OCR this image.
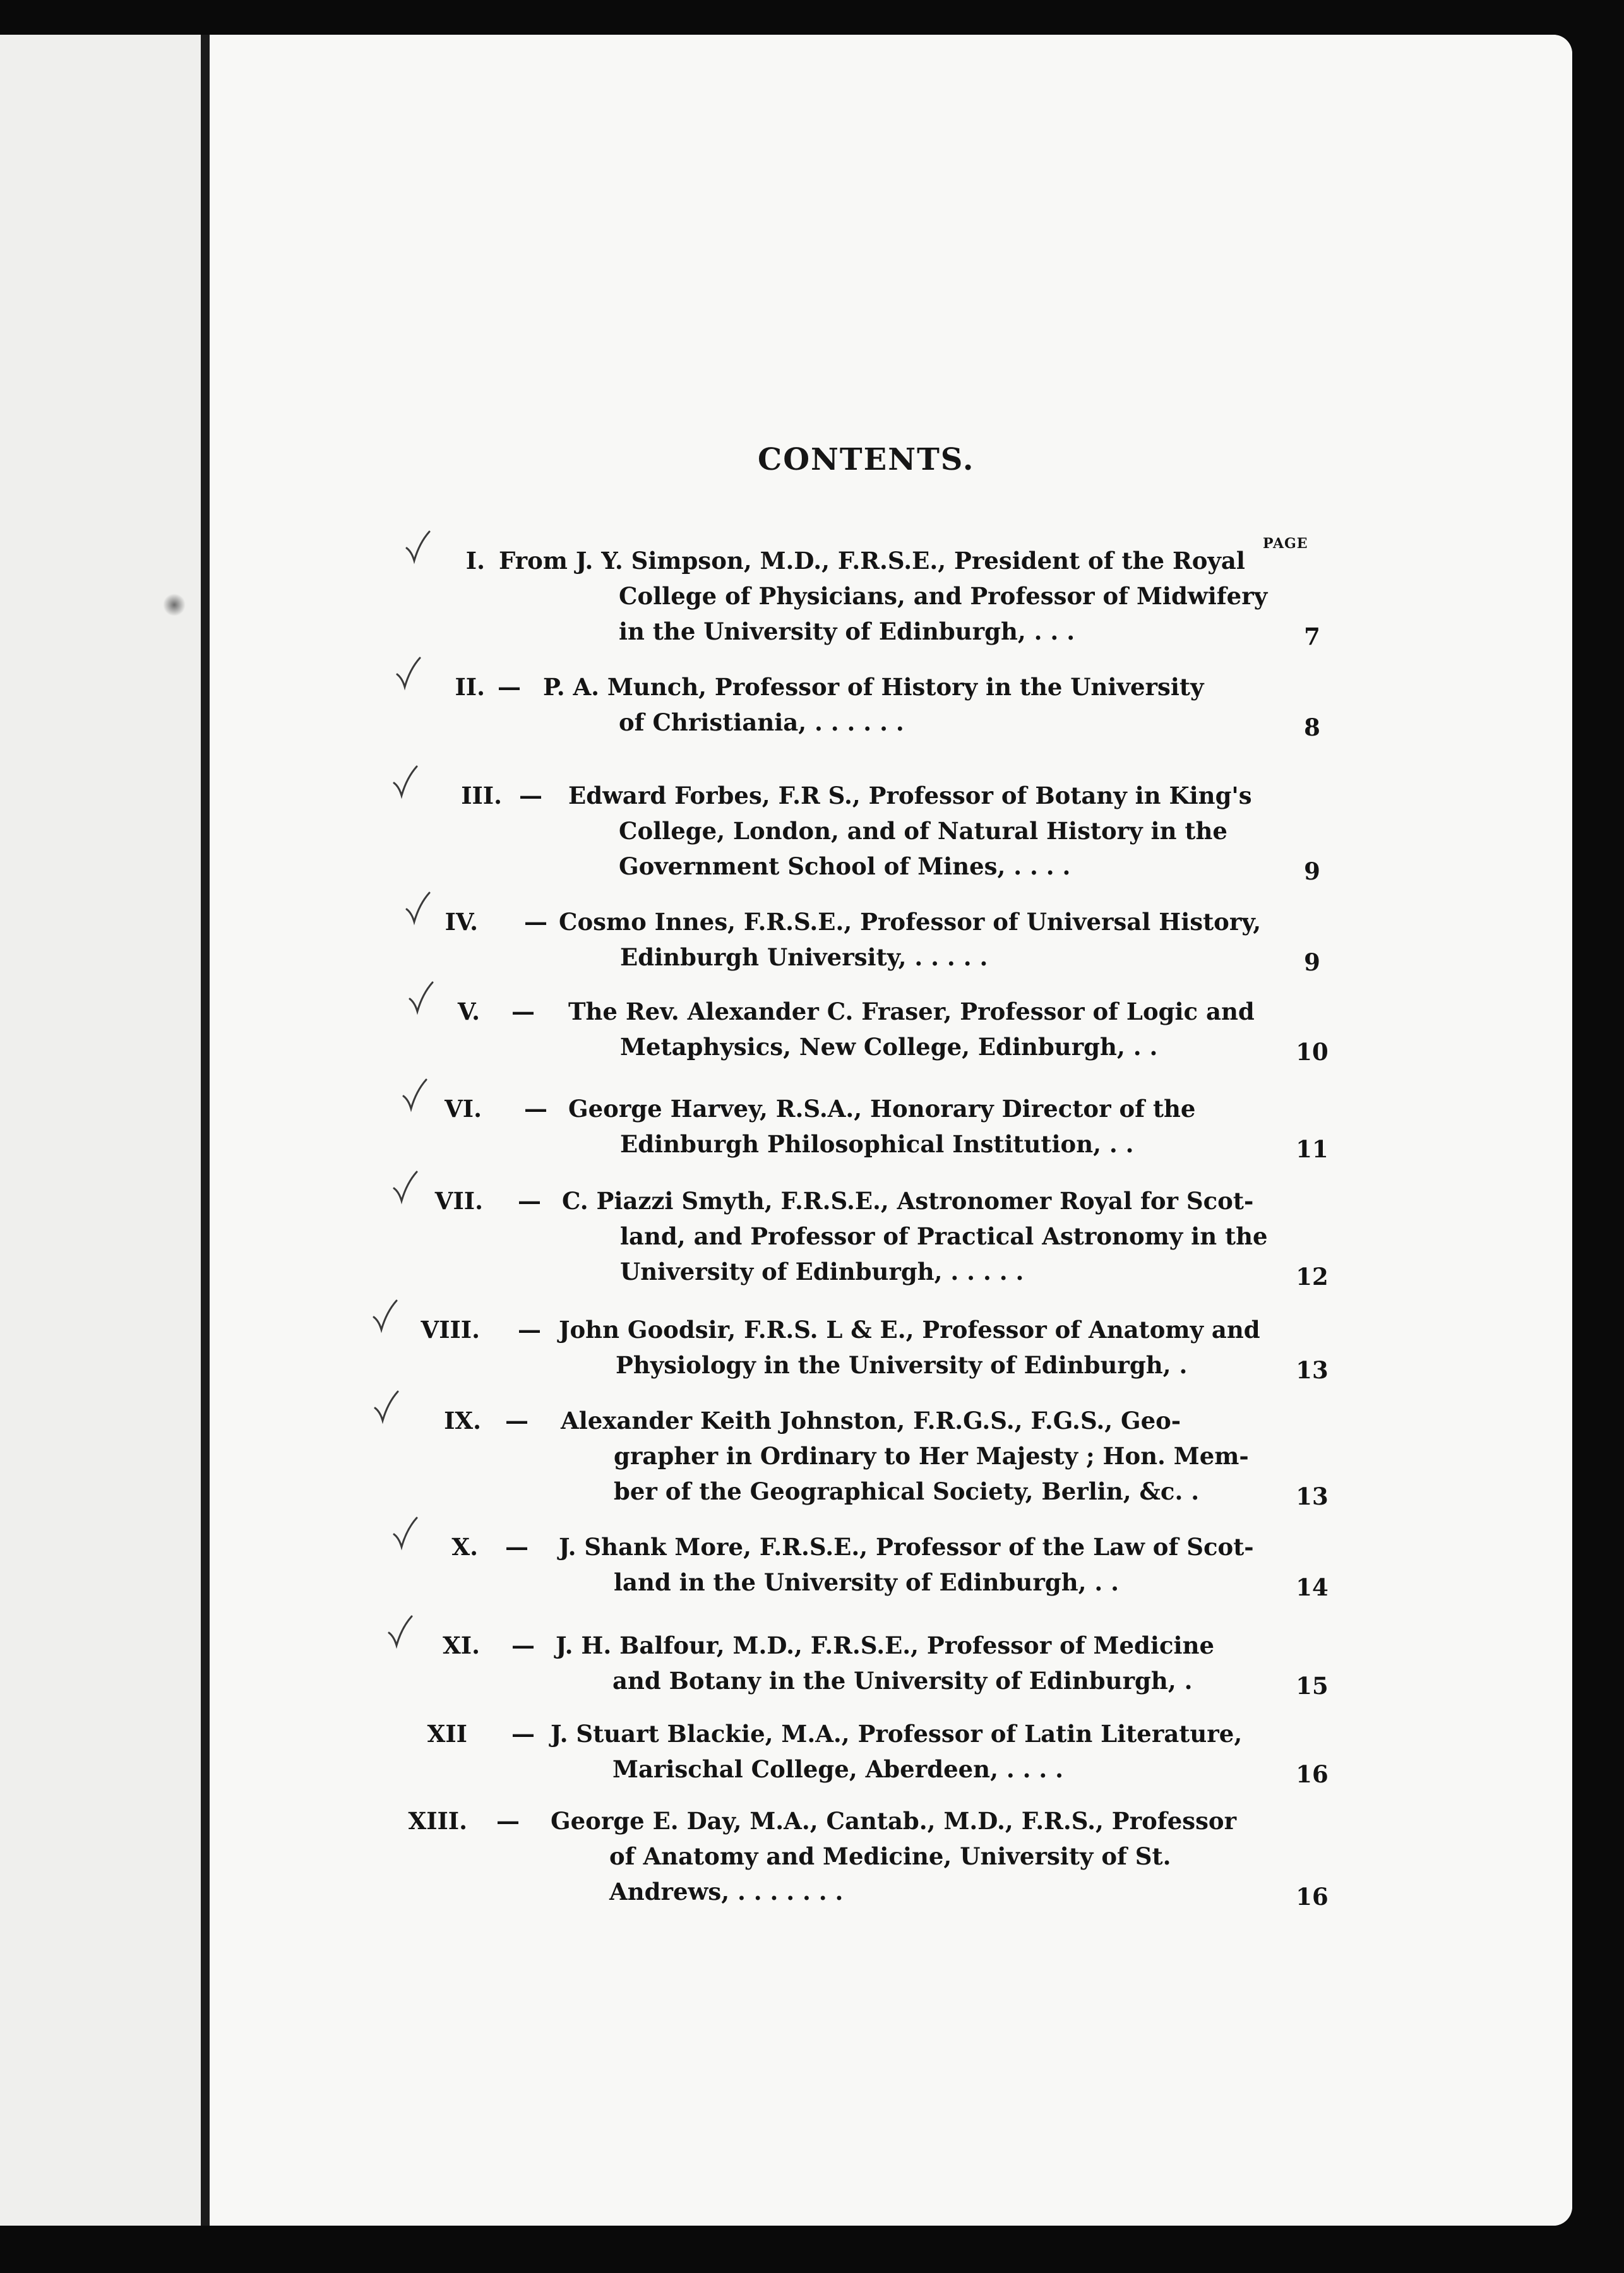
CONTENTS.
PAGE
I. From J. Y. Simpson, M.D., F.R.S.E., President of the Royal
College of Physicians, and Professor of Midwifery
in the University of Edinburgh, . . .	7
II. — P. A. Munch, Professor of History in the University
of Christiania, . . . . . .	8
III. — Edward Forbes, F.R S., Professor of Botany in King's
College, London, and of Natural History in the
Government School of Mines, . . . .	9
IV. — Cosmo Innes, F.R.S.E., Professor of Universal History,
Edinburgh University, . . . . .	9
V. — The Rev. Alexander C. Fraser, Professor of Logic and
Metaphysics, New College, Edinburgh, . .	10
VI. — George Harvey, R.S.A., Honorary Director of the
Edinburgh Philosophical Institution, . .	11
VII. — C. Piazzi Smyth, F.R.S.E., Astronomer Royal for Scot-
land, and Professor of Practical Astronomy in the
University of Edinburgh, . . . . .	12
VIII. — John Goodsir, F.R.S. L & E., Professor of Anatomy and
Physiology in the University of Edinburgh, .	13
IX. — Alexander Keith Johnston, F.R.G.S., F.G.S., Geo-
grapher in Ordinary to Her Majesty ; Hon. Mem-
ber of the Geographical Society, Berlin, &c. .	13
X. — J. Shank More, F.R.S.E., Professor of the Law of Scot-
land in the University of Edinburgh, . .	14
XI. — J. H. Balfour, M.D., F.R.S.E., Professor of Medicine
and Botany in the University of Edinburgh, .	15
XII — J. Stuart Blackie, M.A., Professor of Latin Literature,
Marischal College, Aberdeen, . . . .	16
XIII. — George E. Day, M.A., Cantab., M.D., F.R.S., Professor
of Anatomy and Medicine, University of St.
Andrews, . . . . . . .	16
